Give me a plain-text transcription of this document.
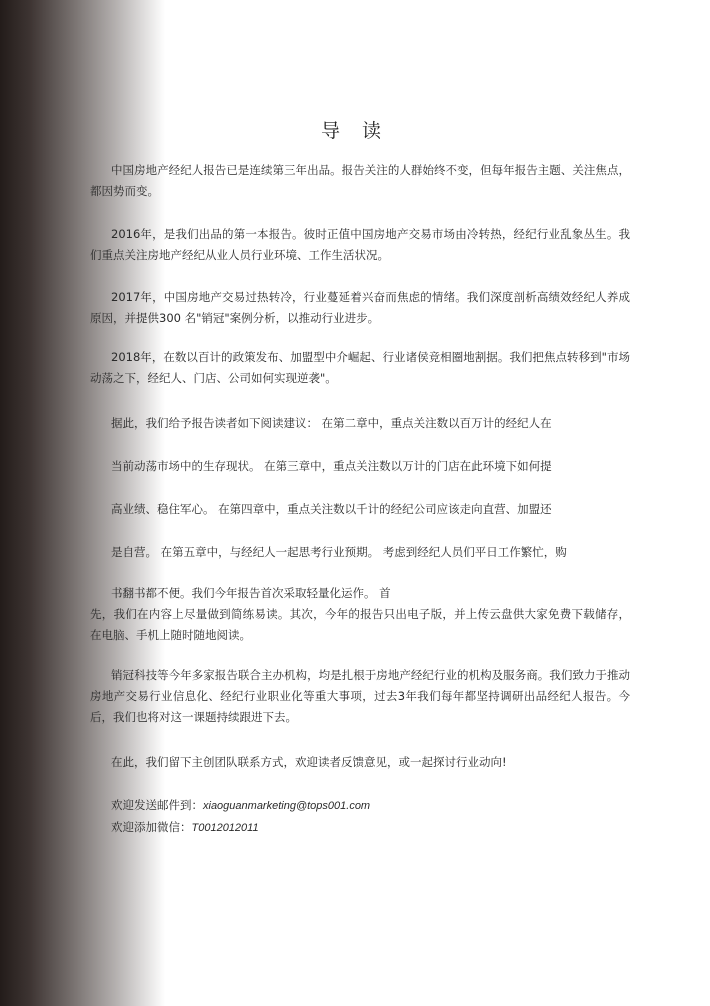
导 读
中国房地产经纪人报告已是连续第三年出品。报告关注的人群始终不变，但每年报告主题、关注焦点，都因势而变。
2016年，是我们出品的第一本报告。彼时正值中国房地产交易市场由冷转热，经纪行业乱象丛生。我们重点关注房地产经纪从业人员行业环境、工作生活状况。
2017年，中国房地产交易过热转冷，行业蔓延着兴奋而焦虑的情绪。我们深度剖析高绩效经纪人养成原因，并提供300 名"销冠"案例分析，以推动行业进步。
2018年，在数以百计的政策发布、加盟型中介崛起、行业诸侯竞相圈地割据。我们把焦点转移到"市场动荡之下，经纪人、门店、公司如何实现逆袭"。
据此，我们给予报告读者如下阅读建议： 在第二章中，重点关注数以百万计的经纪人在
当前动荡市场中的生存现状。 在第三章中，重点关注数以万计的门店在此环境下如何提
高业绩、稳住军心。 在第四章中，重点关注数以千计的经纪公司应该走向直营、加盟还
是自营。 在第五章中，与经纪人一起思考行业预期。 考虑到经纪人员们平日工作繁忙，购
书翻书都不便。我们今年报告首次采取轻量化运作。 首
先，我们在内容上尽量做到简练易读。其次，今年的报告只出电子版，并上传云盘供大家免费下载储存，在电脑、手机上随时随地阅读。
销冠科技等今年多家报告联合主办机构，均是扎根于房地产经纪行业的机构及服务商。我们致力于推动房地产交易行业信息化、经纪行业职业化等重大事项，过去3年我们每年都坚持调研出品经纪人报告。今后，我们也将对这一课题持续跟进下去。
在此，我们留下主创团队联系方式，欢迎读者反馈意见，或一起探讨行业动向!
欢迎发送邮件到：xiaoguanmarketing@tops001.com
欢迎添加微信：T0012012011
